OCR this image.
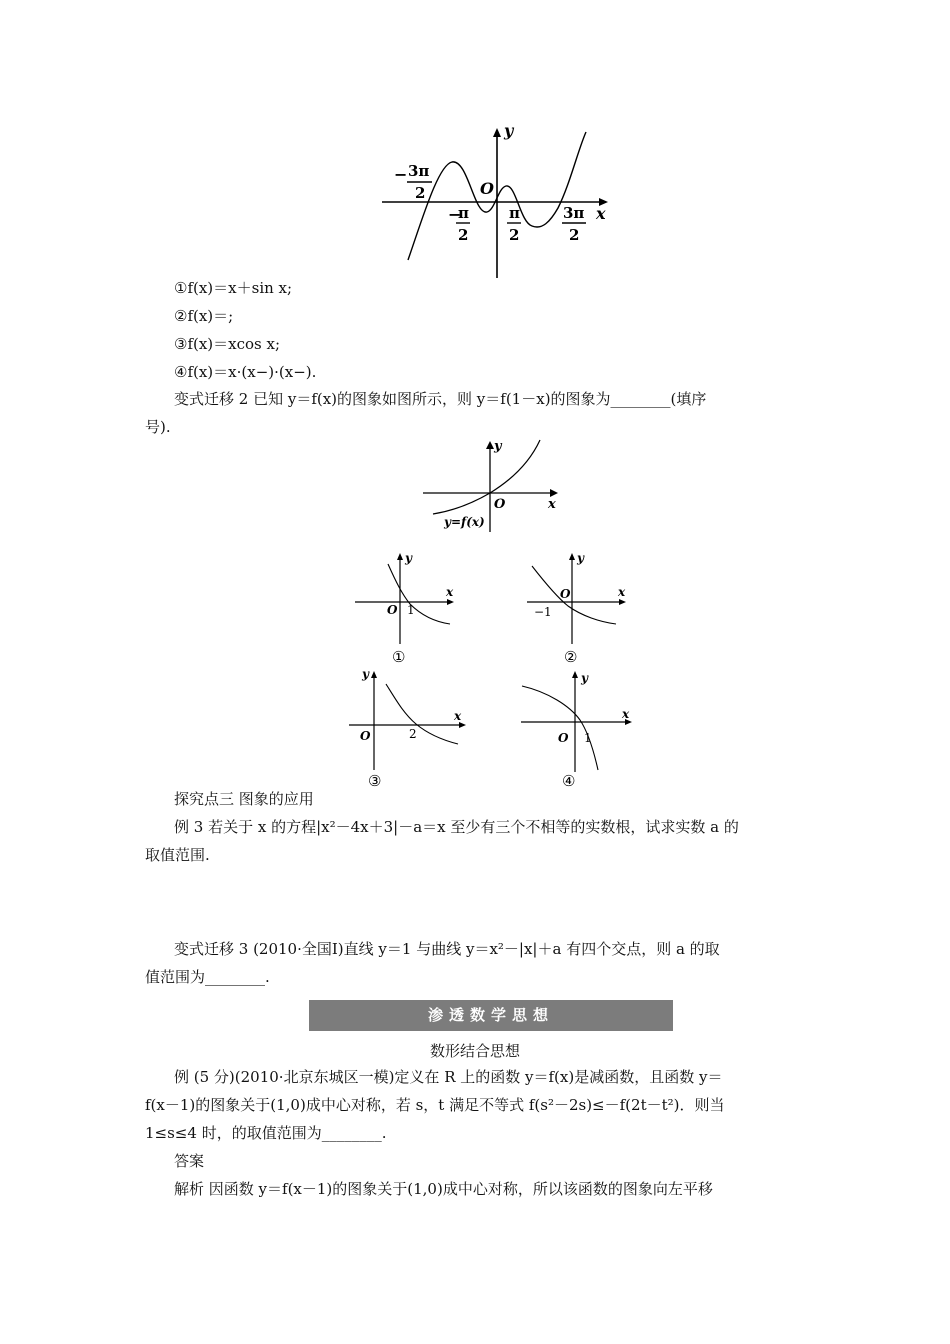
y
x
O
− 3π
2
−
π
2
π
2
3π
2
①f(x)＝x＋sin x;
②f(x)＝;
③f(x)＝xcos x;
④f(x)＝x·(x−)·(x−).
变式迁移 2 已知 y＝f(x)的图象如图所示，则 y＝f(1－x)的图象为________(填序
号).
y
x
O
y=f(x)
y
x
O 1
①
y
x
O
−1
②
y
x
O	2
③
y
x
O 1
④
探究点三 图象的应用
例 3 若关于 x 的方程|x²－4x＋3|－a＝x 至少有三个不相等的实数根，试求实数 a 的
取值范围.
变式迁移 3 (2010·全国Ⅰ)直线 y＝1 与曲线 y＝x²－|x|＋a 有四个交点，则 a 的取
值范围为________.
渗透数学思想
数形结合思想
例 (5 分)(2010·北京东城区一模)定义在 R 上的函数 y＝f(x)是减函数，且函数 y＝
f(x－1)的图象关于(1,0)成中心对称，若 s，t 满足不等式 f(s²－2s)≤－f(2t－t²)．则当
1≤s≤4 时，的取值范围为________.
答案
解析 因函数 y＝f(x－1)的图象关于(1,0)成中心对称，所以该函数的图象向左平移
